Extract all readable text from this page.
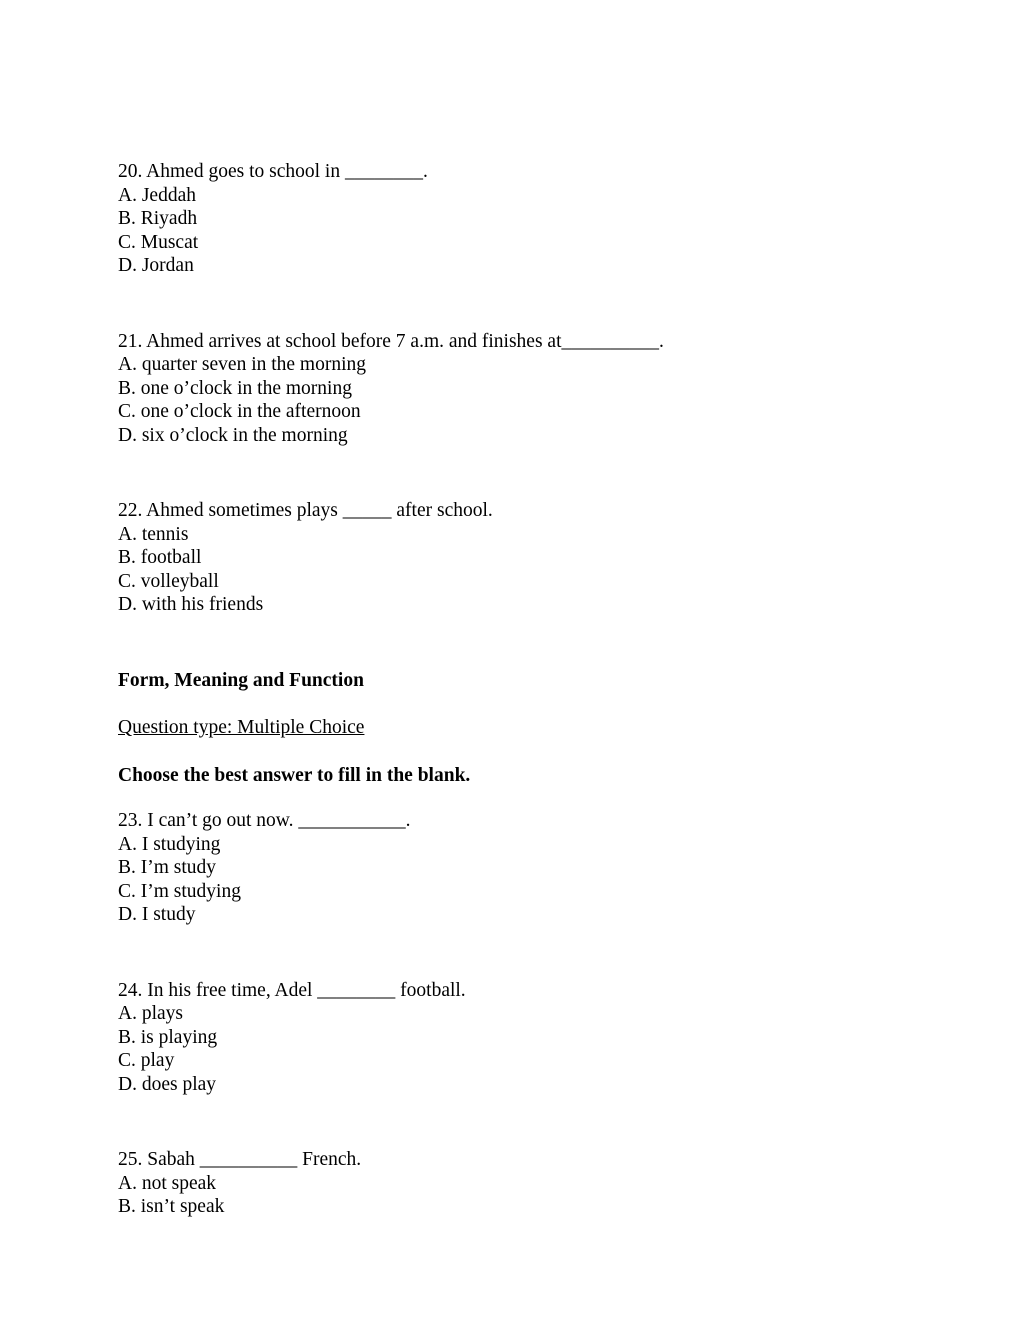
20. Ahmed goes to school in ________.
A. Jeddah
B. Riyadh
C. Muscat
D. Jordan
21. Ahmed arrives at school before 7 a.m. and finishes at__________.
A. quarter seven in the morning
B. one o’clock in the morning
C. one o’clock in the afternoon
D. six o’clock in the morning
22. Ahmed sometimes plays _____ after school.
A. tennis
B. football
C. volleyball
D. with his friends
Form, Meaning and Function
Question type: Multiple Choice
Choose the best answer to fill in the blank.
23. I can’t go out now. ___________.
A. I studying
B. I’m study
C. I’m studying
D. I study
24. In his free time, Adel ________ football.
A. plays
B. is playing
C. play
D. does play
25. Sabah __________ French.
A. not speak
B. isn’t speak
